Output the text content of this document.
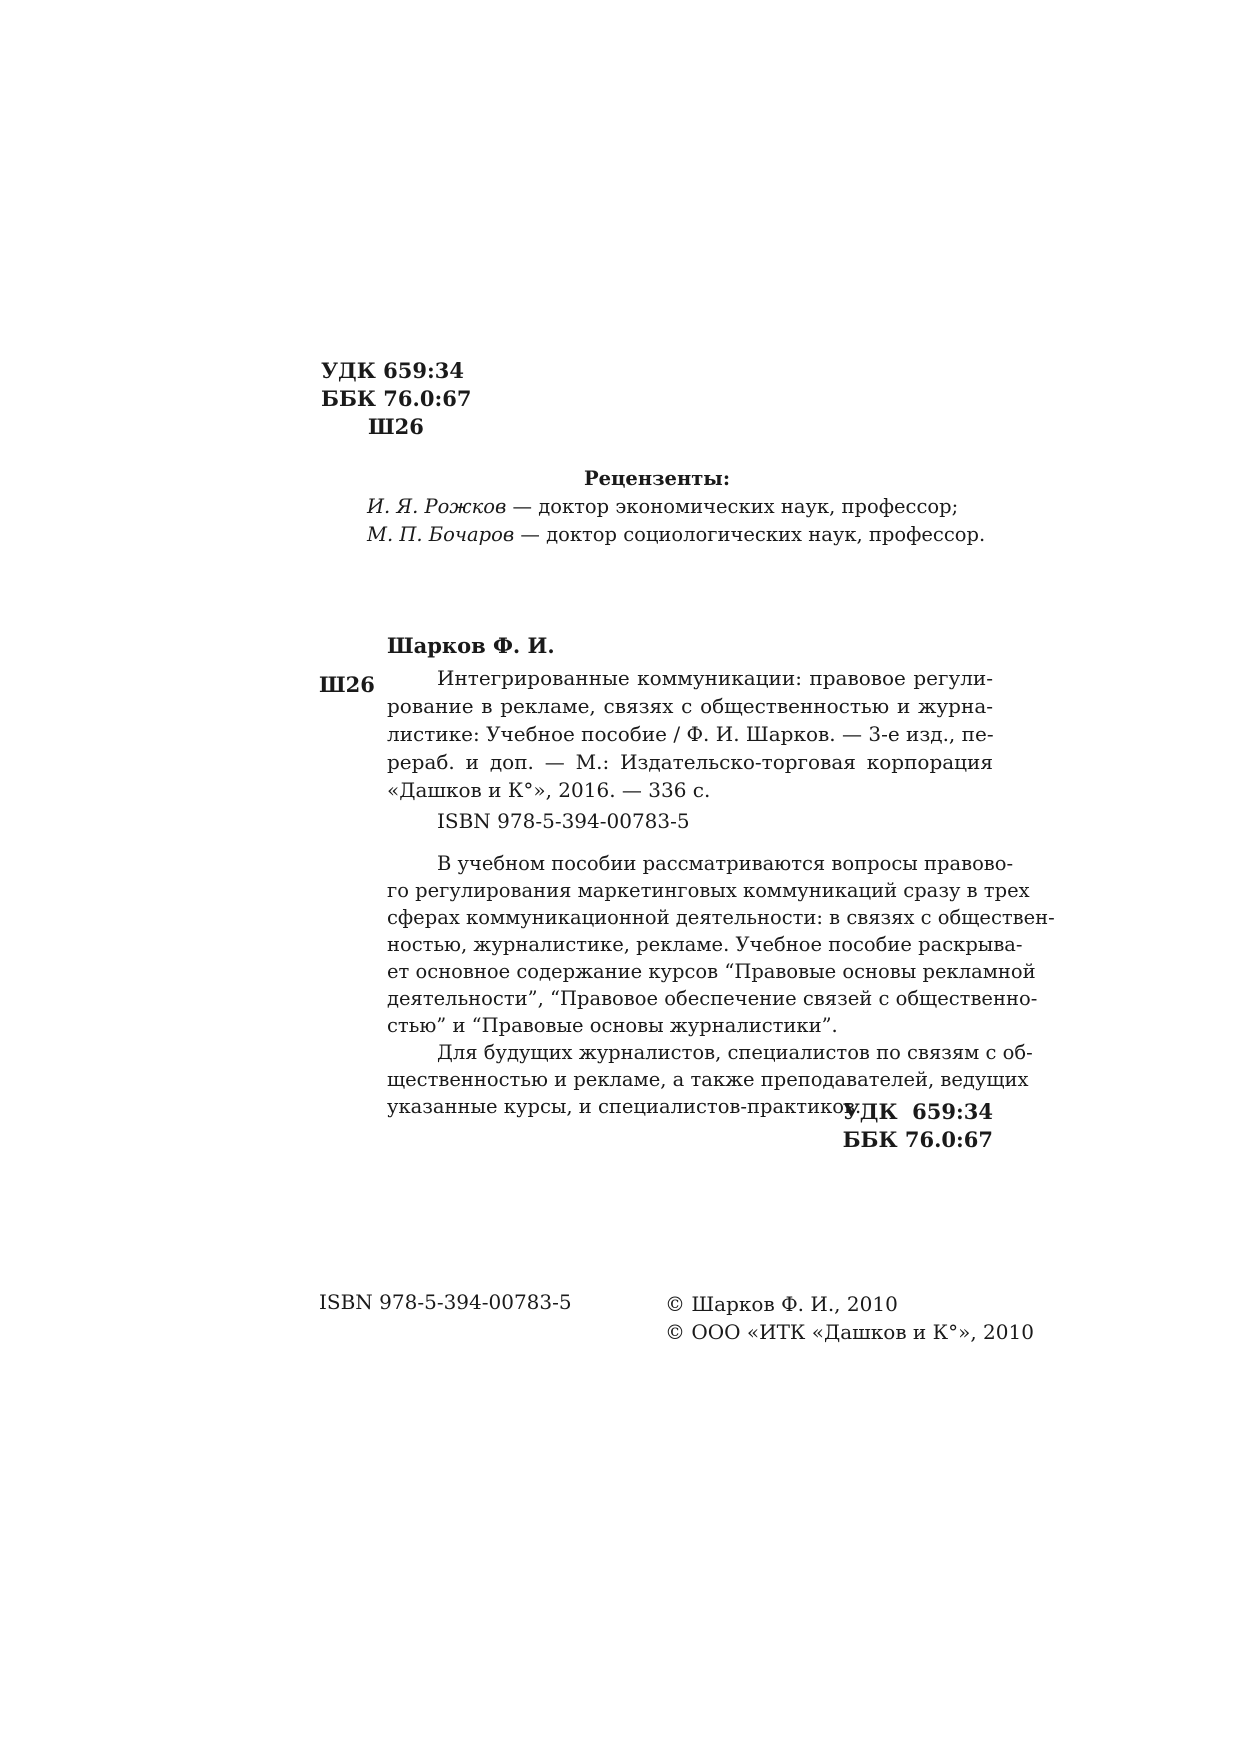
УДК 659:34
ББК 76.0:67
Ш26
Рецензенты:
И. Я. Рожков — доктор экономических наук, профессор;
М. П. Бочаров — доктор социологических наук, профессор.
Шарков Ф. И.
Ш26	Интегрированные коммуникации: правовое регули-
рование в рекламе, связях с общественностью и журна-
листике: Учебное пособие / Ф. И. Шарков. — 3-е изд., пе-
рераб. и доп. — М.: Издательско-торговая корпорация
«Дашков и К°», 2016. — 336 с.
ISBN 978-5-394-00783-5
В учебном пособии рассматриваются вопросы правово-
го регулирования маркетинговых коммуникаций сразу в трех
сферах коммуникационной деятельности: в связях с обществен-
ностью, журналистике, рекламе. Учебное пособие раскрыва-
ет основное содержание курсов “Правовые основы рекламной
деятельности”, “Правовое обеспечение связей с общественно-
стью” и “Правовые основы журналистики”.
Для будущих журналистов, специалистов по связям с об-
щественностью и рекламе, а также преподавателей, ведущих
указанные курсы, и специалистов-практиков.
УДК  659:34
ББК 76.0:67
ISBN 978-5-394-00783-5	© Шарков Ф. И., 2010
© ООО «ИТК «Дашков и К°», 2010
